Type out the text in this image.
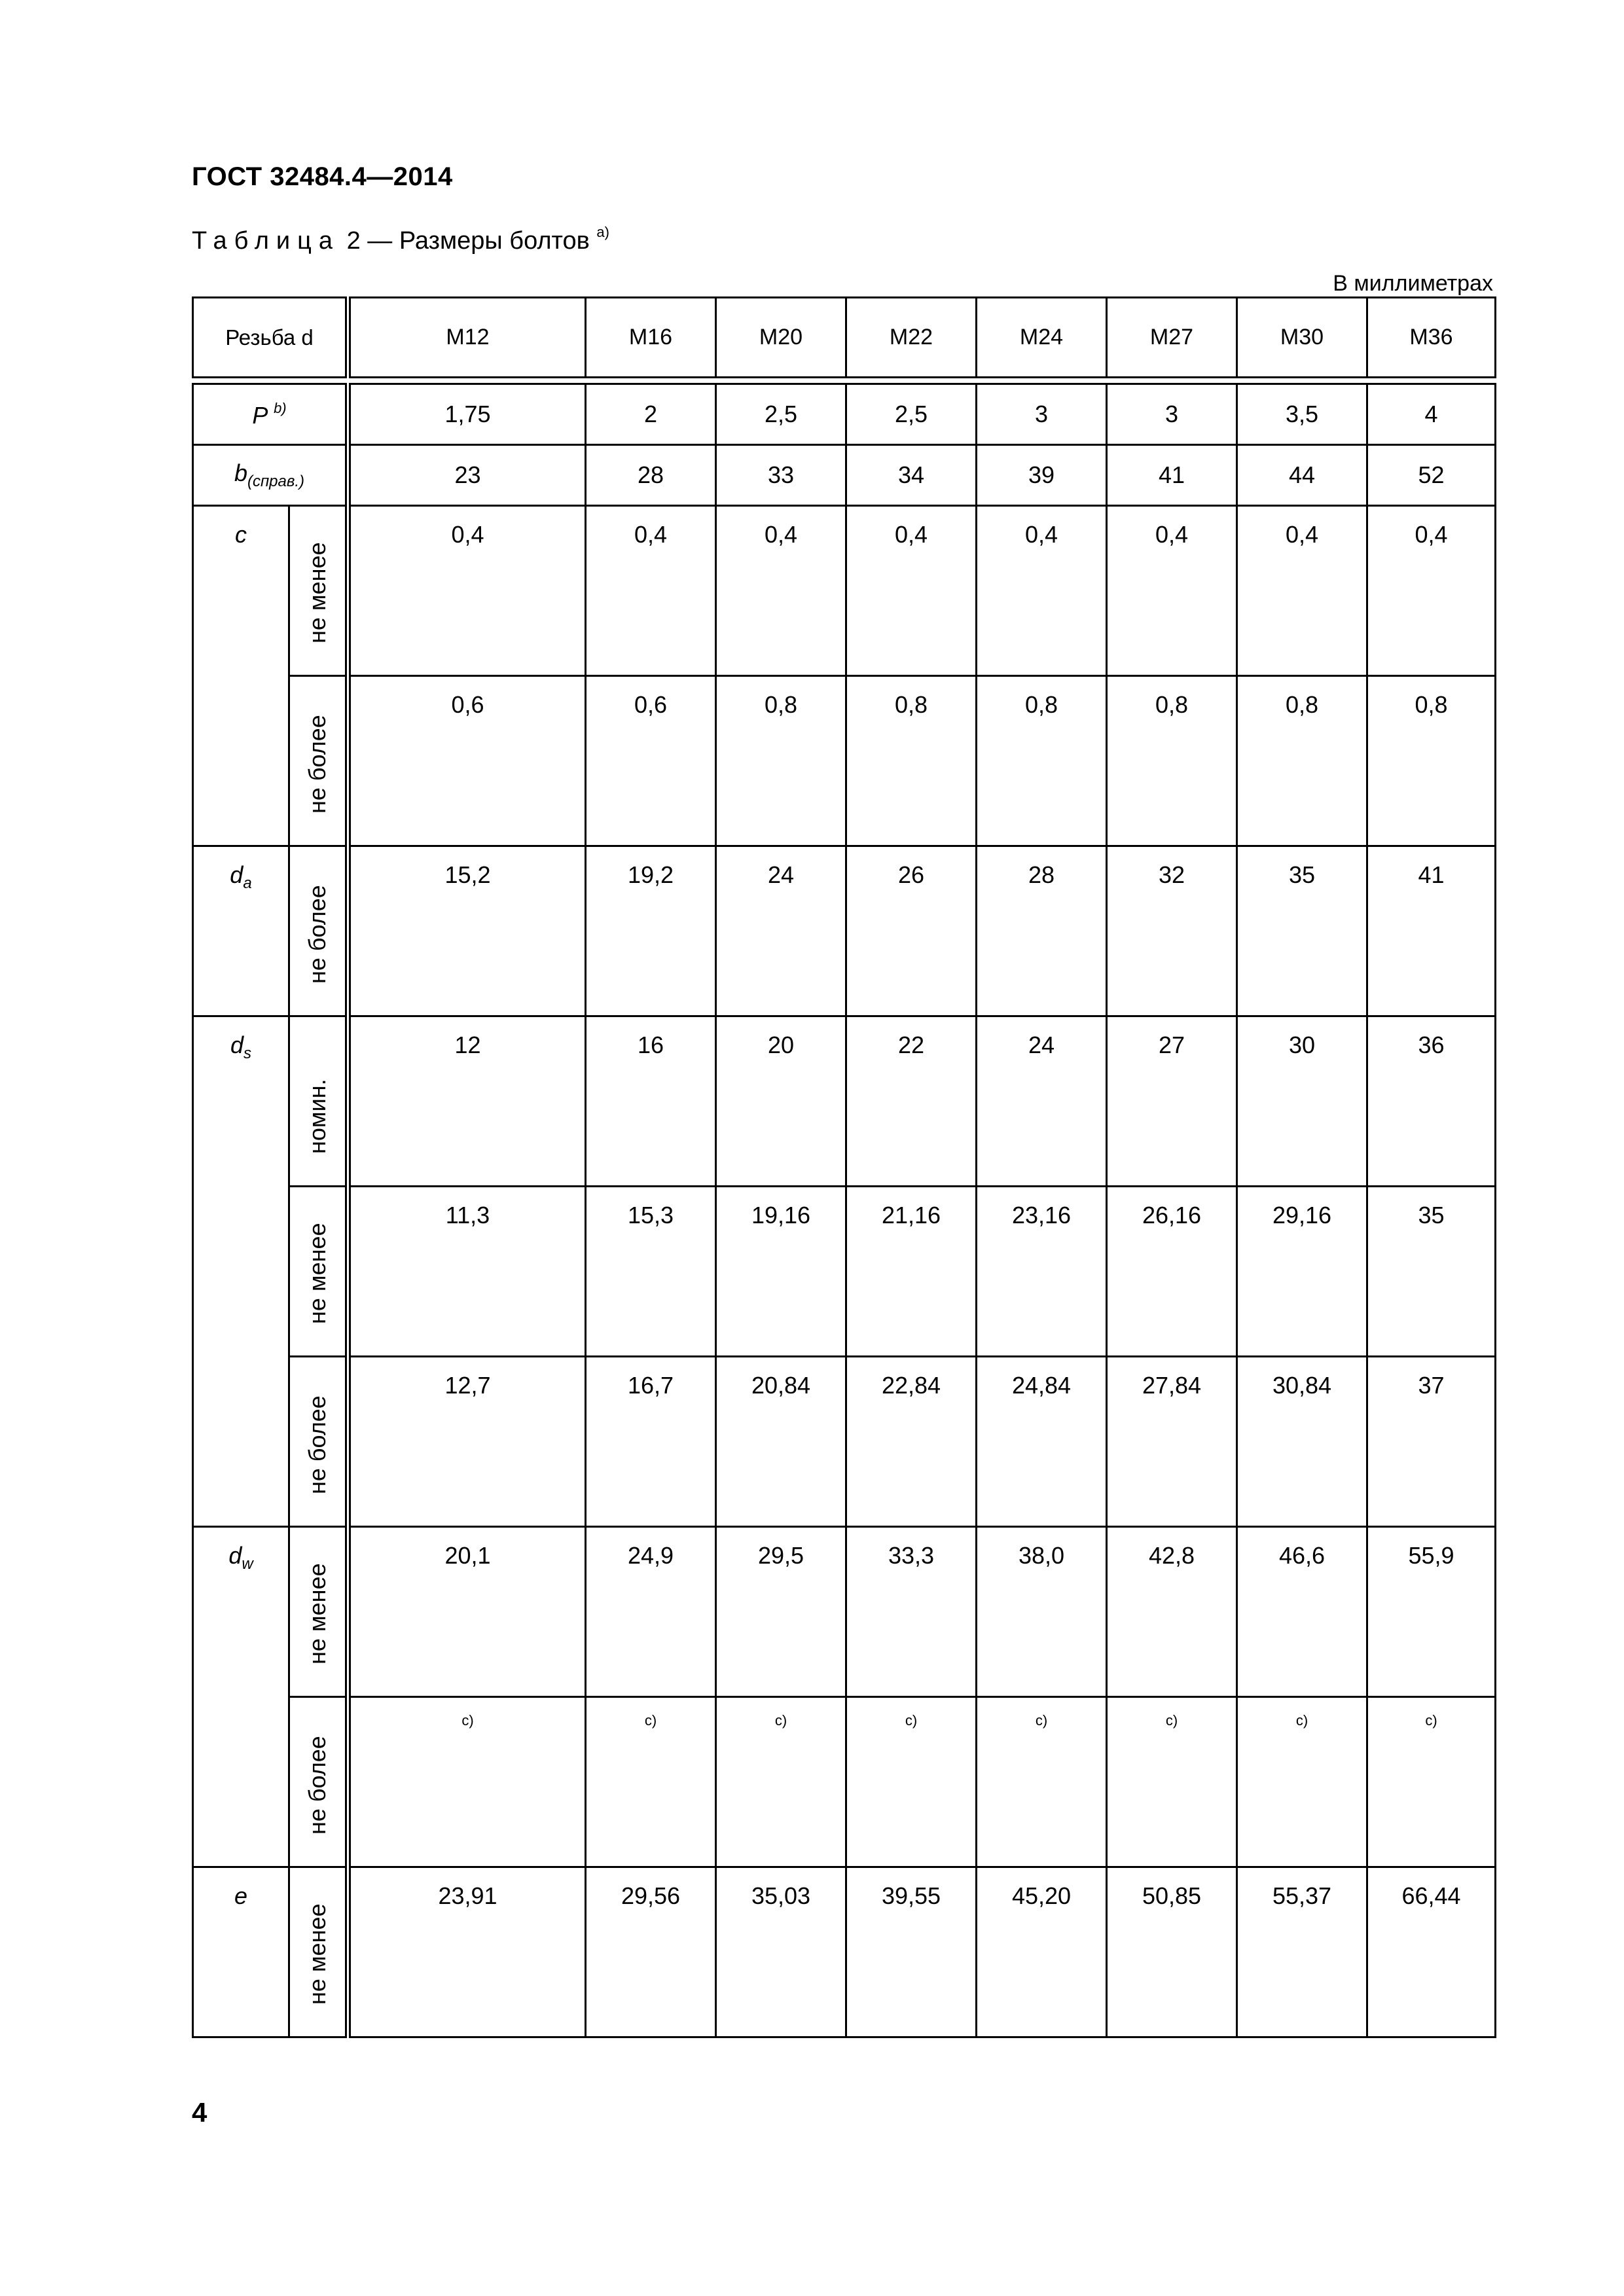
ГОСТ 32484.4—2014
Таблица 2 — Размеры болтов $^{a)}$
В миллиметрах
Резьба d		М12	М16	М20	М22	М24	М27	М30	М36

P $^{b)}$		1,75	2	2,5	2,5	3	3	3,5	4
$b_{(справ.)}$		23	28	33	34	39	41	44	52
c	не менее	0,4	0,4	0,4	0,4	0,4	0,4	0,4	0,4

	не более	0,6	0,6	0,8	0,8	0,8	0,8	0,8	0,8
$d_a$	не более	15,2	19,2	24	26	28	32	35	41
$d_s$	номин.	12	16	20	22	24	27	30	36

	не менее	11,3	15,3	19,16	21,16	23,16	26,16	29,16	35

	не более	12,7	16,7	20,84	22,84	24,84	27,84	30,84	37
$d_w$	не менее	20,1	24,9	29,5	33,3	38,0	42,8	46,6	55,9

	не более	c)	c)	c)	c)	c)	c)	c)	c)
e	не менее	23,91	29,56	35,03	39,55	45,20	50,85	55,37	66,44
4
